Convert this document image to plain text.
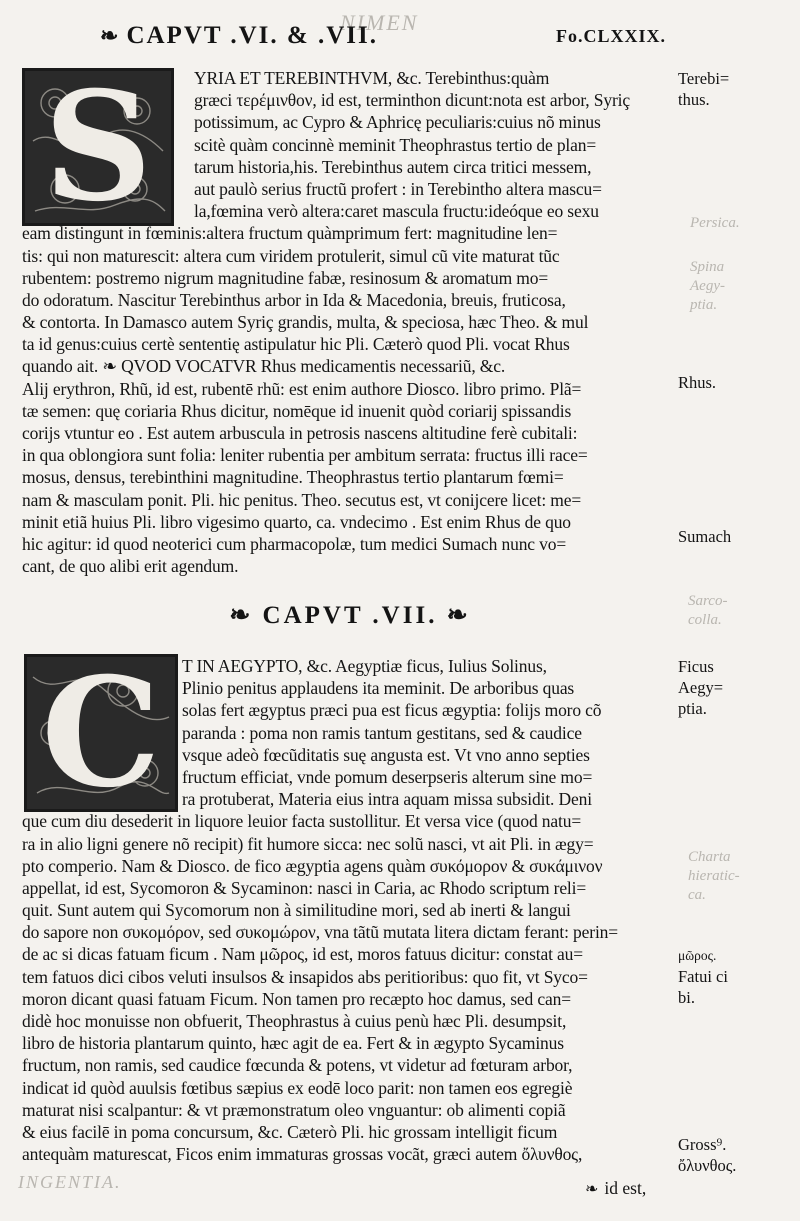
NIMEN
Persica.
Spina
Aegy-
ptia.
Sarco-
colla.
Charta
hieratic-
ca.
INGENTIA.
❧ CAPVT .VI. & .VII.	Fo.CLXXIX.
S	YRIA ET TEREBINTHVM, &c. Terebinthus:quàm
græci τερέμινθον, id est, terminthon dicunt:nota est arbor, Syriç
potissimum, ac Cypro & Aphricę peculiaris:cuius nõ minus
scitè quàm concinnè meminit Theophrastus tertio de plan=
tarum historia,his. Terebinthus autem circa tritici messem,
aut paulò serius fructũ profert : in Terebintho altera mascu=
la,fœmina verò altera:caret mascula fructu:ideóque eo sexu
eam distingunt in fœminis:altera fructum quàmprimum fert: magnitudine len=
tis: qui non maturescit: altera cum viridem protulerit, simul cũ vite maturat tũc
rubentem: postremo nigrum magnitudine fabæ, resinosum & aromatum mo=
do odoratum. Nascitur Terebinthus arbor in Ida & Macedonia, breuis, fruticosa,
& contorta. In Damasco autem Syriç grandis, multa, & speciosa, hæc Theo. & mul
ta id genus:cuius certè sententię astipulatur hic Pli. Cæterò quod Pli. vocat Rhus
quando ait. ❧ QVOD VOCATVR Rhus medicamentis necessariũ, &c.
Alij erythron, Rhũ, id est, rubentē rhũ: est enim authore Diosco. libro primo. Plã=
tæ semen: quę coriaria Rhus dicitur, nomēque id inuenit quòd coriarij spissandis
corijs vtuntur eo . Est autem arbuscula in petrosis nascens altitudine ferè cubitali:
in qua oblongiora sunt folia: leniter rubentia per ambitum serrata: fructus illi race=
mosus, densus, terebinthini magnitudine. Theophrastus tertio plantarum fœmi=
nam & masculam ponit. Pli. hic penitus. Theo. secutus est, vt conijcere licet: me=
minit etiã huius Pli. libro vigesimo quarto, ca. vndecimo . Est enim Rhus de quo
hic agitur: id quod neoterici cum pharmacopolæ, tum medici Sumach nunc vo=
cant, de quo alibi erit agendum.
❧ CAPVT .VII. ❧
C	T IN AEGYPTO, &c. Aegyptiæ ficus, Iulius Solinus,
Plinio penitus applaudens ita meminit. De arboribus quas
solas fert ægyptus præci pua est ficus ægyptia: folijs moro cõ
paranda : poma non ramis tantum gestitans, sed & caudice
vsque adeò fœcũditatis suę angusta est. Vt vno anno septies
fructum efficiat, vnde pomum deserpseris alterum sine mo=
ra protuberat, Materia eius intra aquam missa subsidit. Deni
que cum diu desederit in liquore leuior facta sustollitur. Et versa vice (quod natu=
ra in alio ligni genere nõ recipit) fit humore sicca: nec solũ nasci, vt ait Pli. in ægy=
pto comperio. Nam & Diosco. de fico ægyptia agens quàm συκόμορον & συκάμινον
appellat, id est, Sycomoron & Sycaminon: nasci in Caria, ac Rhodo scriptum reli=
quit. Sunt autem qui Sycomorum non à similitudine mori, sed ab inerti & langui
do sapore non συκομόρον, sed συκομώρον, vna tãtũ mutata litera dictam ferant: perin=
de ac si dicas fatuam ficum . Nam μῶρος, id est, moros fatuus dicitur: constat au=
tem fatuos dici cibos veluti insulsos & insapidos abs peritioribus: quo fit, vt Syco=
moron dicant quasi fatuam Ficum. Non tamen pro recæpto hoc damus, sed can=
didè hoc monuisse non obfuerit, Theophrastus à cuius penù hæc Pli. desumpsit,
libro de historia plantarum quinto, hæc agit de ea. Fert & in ægypto Sycaminus
fructum, non ramis, sed caudice fœcunda & potens, vt videtur ad fœturam arbor,
indicat id quòd auulsis fœtibus sæpius ex eodē loco parit: non tamen eos egregiè
maturat nisi scalpantur: & vt præmonstratum oleo vnguantur: ob alimenti copiã
& eius facilē in poma concursum, &c. Cæterò Pli. hic grossam intelligit ficum
antequàm maturescat, Ficos enim immaturas grossas vocãt, græci autem ὄλυνθος,
❧ id est,
Terebi=
thus.
Rhus.
Sumach
Ficus
Aegy=
ptia.
μῶρος.
Fatui ci
bi.
Gross⁹.
ὄλυνθος.
